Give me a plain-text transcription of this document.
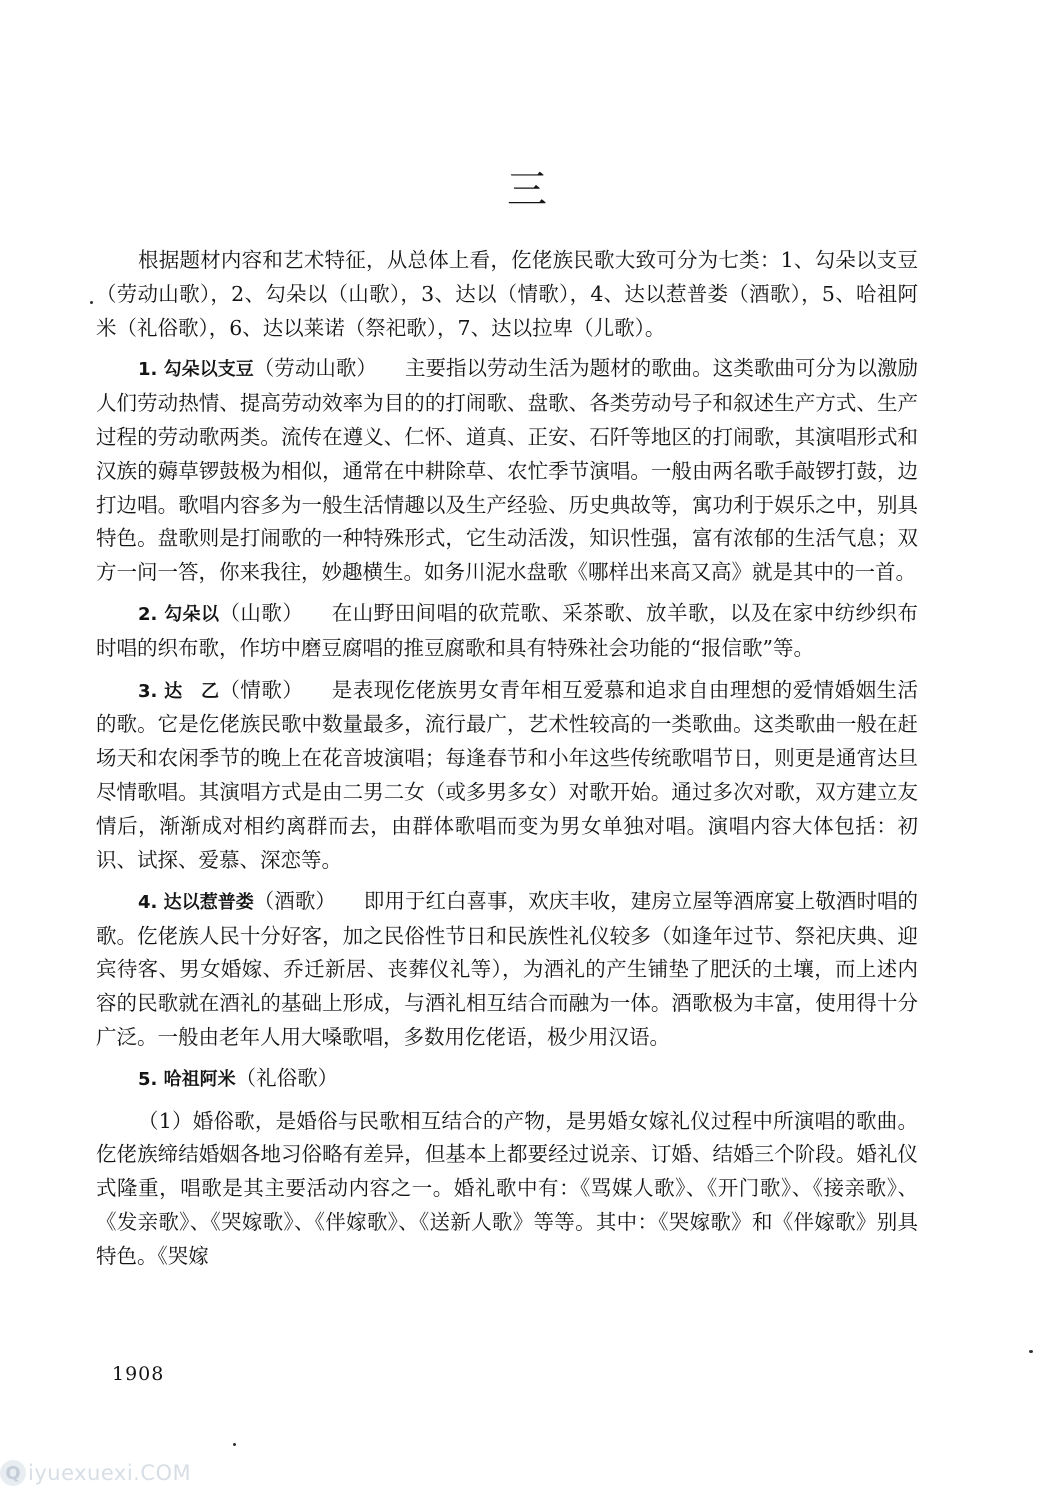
三

根据题材内容和艺术特征，从总体上看，仡佬族民歌大致可分为七类：1、勾朵以支豆（劳动山歌），2、勾朵以（山歌），3、达以（情歌），4、达以惹普娄（酒歌），5、哈祖阿米（礼俗歌），6、达以莱诺（祭祀歌），7、达以拉卑（儿歌）。

1. 勾朵以支豆（劳动山歌） 主要指以劳动生活为题材的歌曲。这类歌曲可分为以激励人们劳动热情、提高劳动效率为目的的打闹歌、盘歌、各类劳动号子和叙述生产方式、生产过程的劳动歌两类。流传在遵义、仁怀、道真、正安、石阡等地区的打闹歌，其演唱形式和汉族的薅草锣鼓极为相似，通常在中耕除草、农忙季节演唱。一般由两名歌手敲锣打鼓，边打边唱。歌唱内容多为一般生活情趣以及生产经验、历史典故等，寓功利于娱乐之中，别具特色。盘歌则是打闹歌的一种特殊形式，它生动活泼，知识性强，富有浓郁的生活气息；双方一问一答，你来我往，妙趣横生。如务川泥水盘歌《哪样出来高又高》就是其中的一首。

2. 勾朵以（山歌） 在山野田间唱的砍荒歌、采茶歌、放羊歌，以及在家中纺纱织布时唱的织布歌，作坊中磨豆腐唱的推豆腐歌和具有特殊社会功能的“报信歌”等。

3. 达　乙（情歌） 是表现仡佬族男女青年相互爱慕和追求自由理想的爱情婚姻生活的歌。它是仡佬族民歌中数量最多，流行最广，艺术性较高的一类歌曲。这类歌曲一般在赶场天和农闲季节的晚上在花音坡演唱；每逢春节和小年这些传统歌唱节日，则更是通宵达旦尽情歌唱。其演唱方式是由二男二女（或多男多女）对歌开始。通过多次对歌，双方建立友情后，渐渐成对相约离群而去，由群体歌唱而变为男女单独对唱。演唱内容大体包括：初识、试探、爱慕、深恋等。

4. 达以惹普娄（酒歌） 即用于红白喜事，欢庆丰收，建房立屋等酒席宴上敬酒时唱的歌。仡佬族人民十分好客，加之民俗性节日和民族性礼仪较多（如逢年过节、祭祀庆典、迎宾待客、男女婚嫁、乔迁新居、丧葬仪礼等），为酒礼的产生铺垫了肥沃的土壤，而上述内容的民歌就在酒礼的基础上形成，与酒礼相互结合而融为一体。酒歌极为丰富，使用得十分广泛。一般由老年人用大嗓歌唱，多数用仡佬语，极少用汉语。

5. 哈祖阿米（礼俗歌）

（1）婚俗歌，是婚俗与民歌相互结合的产物，是男婚女嫁礼仪过程中所演唱的歌曲。仡佬族缔结婚姻各地习俗略有差异，但基本上都要经过说亲、订婚、结婚三个阶段。婚礼仪式隆重，唱歌是其主要活动内容之一。婚礼歌中有：《骂媒人歌》、《开门歌》、《接亲歌》、《发亲歌》、《哭嫁歌》、《伴嫁歌》、《送新人歌》等等。其中：《哭嫁歌》和《伴嫁歌》别具特色。《哭嫁

1908
Q iyuexuexi.COM
